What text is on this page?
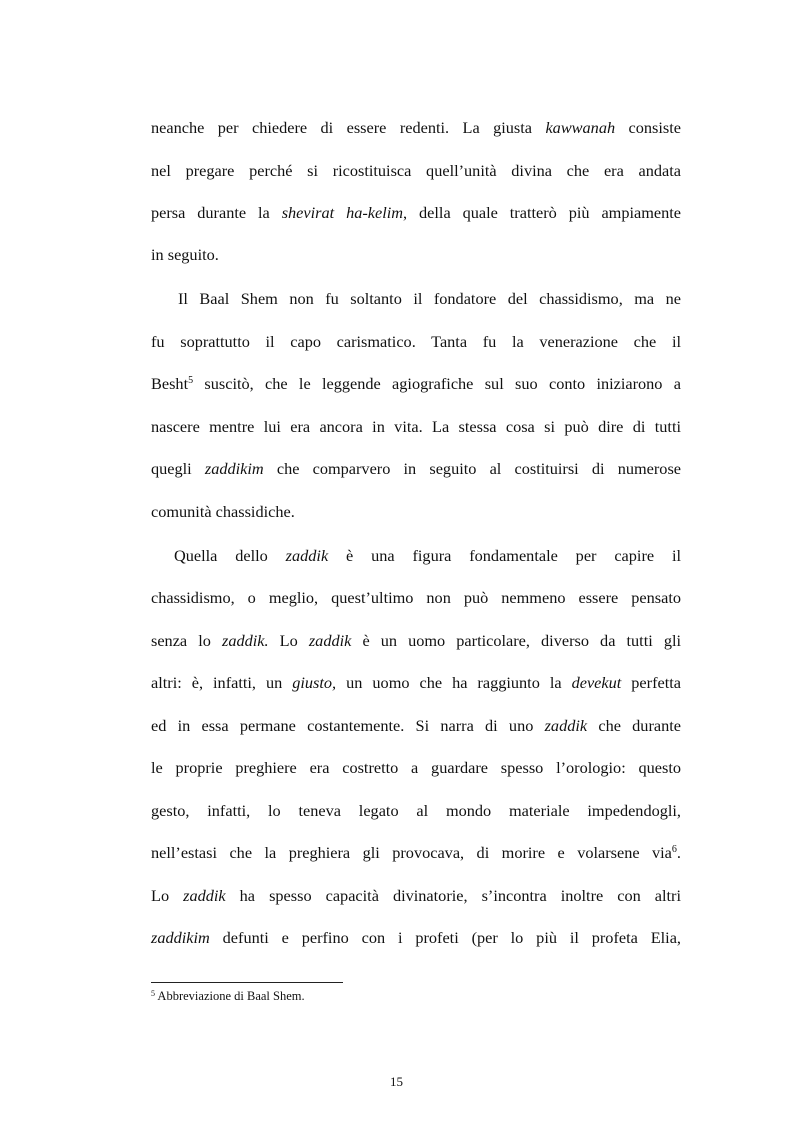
neanche per chiedere di essere redenti. La giusta kawwanah consiste
nel pregare perché si ricostituisca quell’unità divina che era andata
persa durante la shevirat ha-kelim, della quale tratterò più ampiamente
in seguito.
Il Baal Shem non fu soltanto il fondatore del chassidismo, ma ne
fu soprattutto il capo carismatico. Tanta fu la venerazione che il
Besht$^5$ suscitò, che le leggende agiografiche sul suo conto iniziarono a
nascere mentre lui era ancora in vita. La stessa cosa si può dire di tutti
quegli zaddikim che comparvero in seguito al costituirsi di numerose
comunità chassidiche.
Quella dello zaddik è una figura fondamentale per capire il
chassidismo, o meglio, quest’ultimo non può nemmeno essere pensato
senza lo zaddik. Lo zaddik è un uomo particolare, diverso da tutti gli
altri: è, infatti, un giusto, un uomo che ha raggiunto la devekut perfetta
ed in essa permane costantemente. Si narra di uno zaddik che durante
le proprie preghiere era costretto a guardare spesso l’orologio: questo
gesto, infatti, lo teneva legato al mondo materiale impedendogli,
nell’estasi che la preghiera gli provocava, di morire e volarsene via$^6$.
Lo zaddik ha spesso capacità divinatorie, s’incontra inoltre con altri
zaddikim defunti e perfino con i profeti (per lo più il profeta Elia,
$^5$ Abbreviazione di Baal Shem.
15
